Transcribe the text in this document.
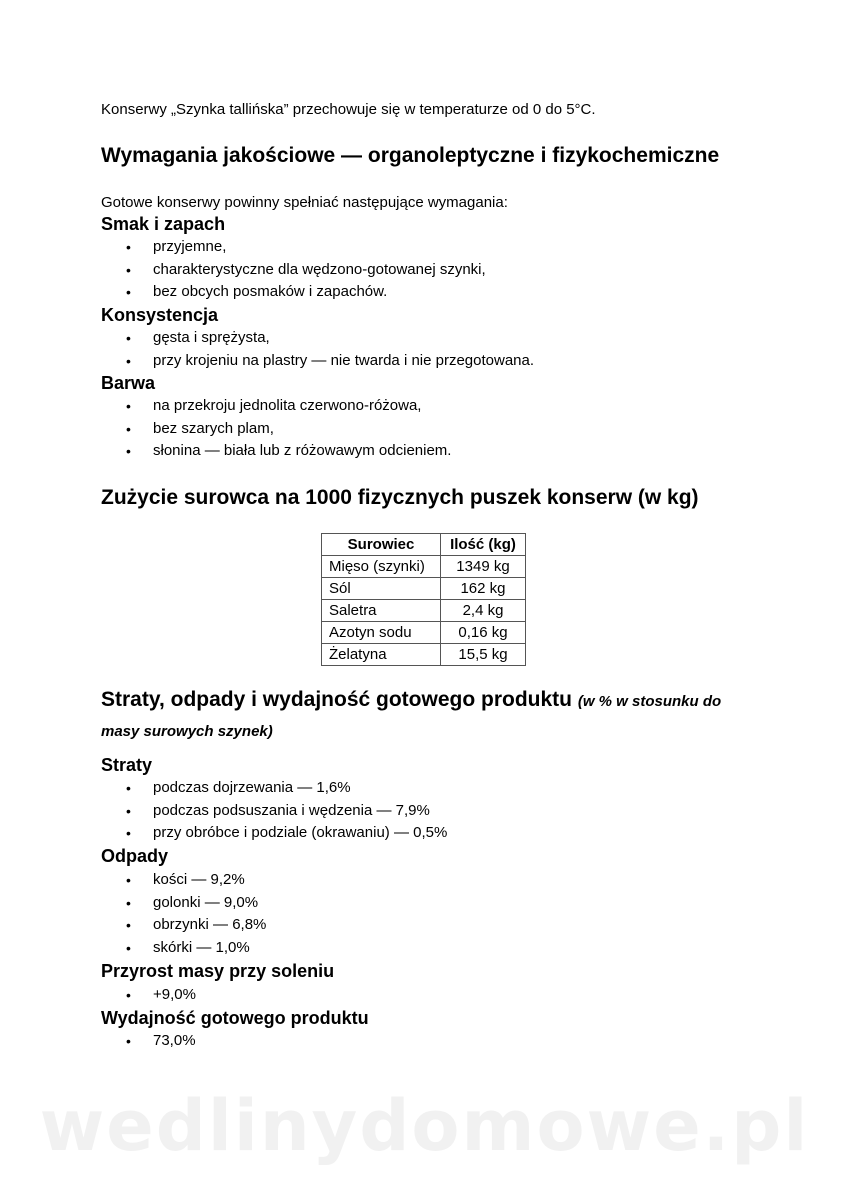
Konserwy „Szynka tallińska” przechowuje się w temperaturze od 0 do 5°C.

Wymagania jakościowe — organoleptyczne i fizykochemiczne

Gotowe konserwy powinny spełniać następujące wymagania:

Smak i zapach
• przyjemne,
• charakterystyczne dla wędzono-gotowanej szynki,
• bez obcych posmaków i zapachów.
Konsystencja
• gęsta i sprężysta,
• przy krojeniu na plastry — nie twarda i nie przegotowana.
Barwa
• na przekroju jednolita czerwono-różowa,
• bez szarych plam,
• słonina — biała lub z różowawym odcieniem.
Zużycie surowca na 1000 fizycznych puszek konserw (w kg)
Surowiec	Ilość (kg)
Mięso (szynki)	1349 kg
Sól	162 kg
Saletra	2,4 kg
Azotyn sodu	0,16 kg
Żelatyna	15,5 kg
Straty, odpady i wydajność gotowego produktu (w % w stosunku do masy surowych szynek)
Straty
• podczas dojrzewania — 1,6%
• podczas podsuszania i wędzenia — 7,9%
• przy obróbce i podziale (okrawaniu) — 0,5%
Odpady
• kości — 9,2%
• golonki — 9,0%
• obrzynki — 6,8%
• skórki — 1,0%
Przyrost masy przy soleniu
• +9,0%
Wydajność gotowego produktu
• 73,0%
wedlinydomowe.pl
